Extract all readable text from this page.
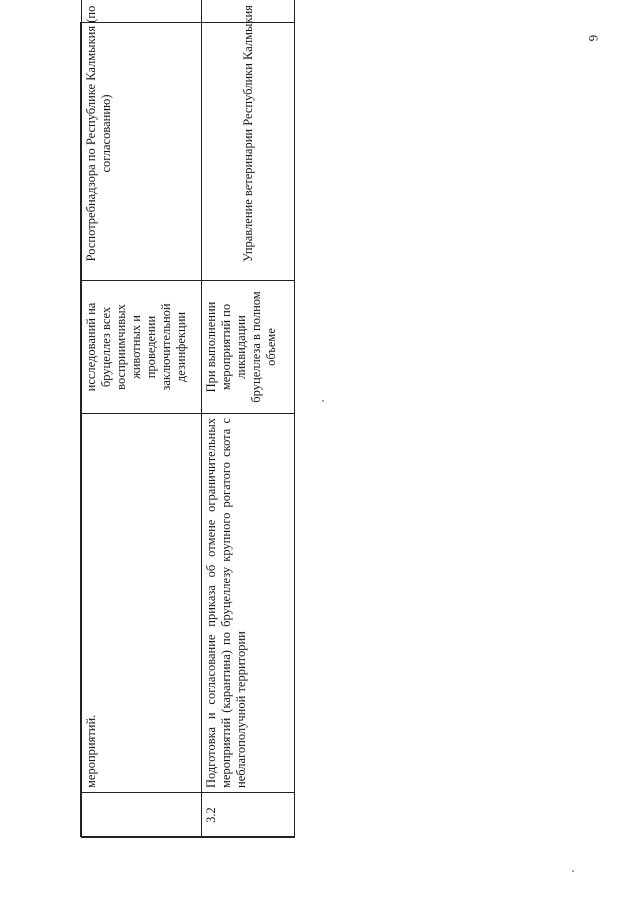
6
	мероприятий.	исследований на бруцеллез всех восприимчивых животных и проведении заключительной дезинфекции	Роспотребнадзора по Республике Калмыкия (по согласованию)
3.2	Подготовка и согласование приказа об отмене ограничительных мероприятий (карантина) по бруцеллезу крупного рогатого скота с неблагополучной территории	При выполнении мероприятий по ликвидации бруцеллеза в полном объеме	Управление ветеринарии Республики Калмыкия
